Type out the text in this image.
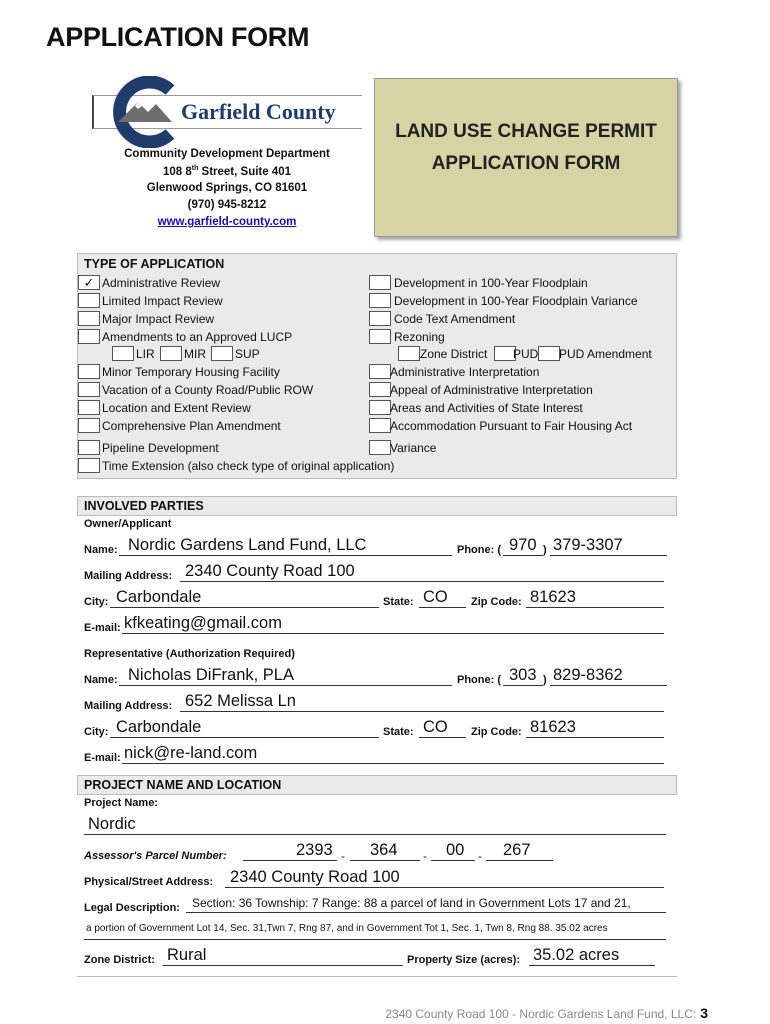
APPLICATION FORM
Garfield County
Community Development Department
108 8th Street, Suite 401
Glenwood Springs, CO 81601
(970) 945-8212
www.garfield-county.com
LAND USE CHANGE PERMIT
APPLICATION FORM
TYPE OF APPLICATION
✓ Administrative Review
Limited Impact Review
Major Impact Review
Amendments to an Approved LUCP
LIR MIR SUP
Minor Temporary Housing Facility
Vacation of a County Road/Public ROW
Location and Extent Review
Comprehensive Plan Amendment
Pipeline Development
Time Extension (also check type of original application)
Development in 100-Year Floodplain
Development in 100-Year Floodplain Variance
Code Text Amendment
Rezoning
Zone District PUD PUD Amendment
Administrative Interpretation
Appeal of Administrative Interpretation
Areas and Activities of State Interest
Accommodation Pursuant to Fair Housing Act
Variance
INVOLVED PARTIES
Owner/Applicant
Name: Nordic Gardens Land Fund, LLC	Phone: ( 970 ) 379-3307
Mailing Address: 2340 County Road 100
City: Carbondale	State: CO Zip Code: 81623
E-mail: kfkeating@gmail.com
Representative (Authorization Required)
Name: Nicholas DiFrank, PLA	Phone: ( 303 ) 829-8362
Mailing Address: 652 Melissa Ln
City: Carbondale	State: CO Zip Code: 81623
E-mail: nick@re-land.com
PROJECT NAME AND LOCATION
Project Name:
Nordic
Assessor's Parcel Number:	2393 - 364 - 00 - 267
Physical/Street Address: 2340 County Road 100
Legal Description: Section: 36 Township: 7 Range: 88 a parcel of land in Government Lots 17 and 21,
a portion of Government Lot 14, Sec. 31,Twn 7, Rng 87, and in Government Tot 1, Sec. 1, Twn 8, Rng 88. 35.02 acres
Zone District: Rural	Property Size (acres): 35.02 acres
2340 County Road 100 - Nordic Gardens Land Fund, LLC: 3
